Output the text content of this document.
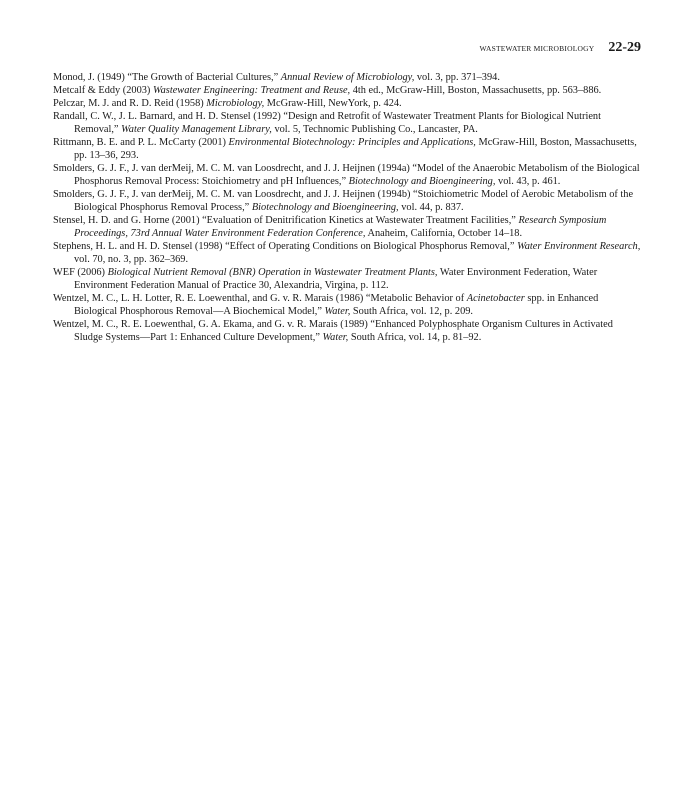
WASTEWATER MICROBIOLOGY 22-29

Monod, J. (1949) “The Growth of Bacterial Cultures,” Annual Review of Microbiology, vol. 3, pp. 371–394.

Metcalf & Eddy (2003) Wastewater Engineering: Treatment and Reuse, 4th ed., McGraw-Hill, Boston, Massachusetts, pp. 563–886.

Pelczar, M. J. and R. D. Reid (1958) Microbiology, McGraw-Hill, NewYork, p. 424.

Randall, C. W., J. L. Barnard, and H. D. Stensel (1992) “Design and Retrofit of Wastewater Treatment Plants for Biological Nutrient Removal,” Water Quality Management Library, vol. 5, Technomic Publishing Co., Lancaster, PA.

Rittmann, B. E. and P. L. McCarty (2001) Environmental Biotechnology: Principles and Applications, McGraw-Hill, Boston, Massachusetts, pp. 13–36, 293.

Smolders, G. J. F., J. van derMeij, M. C. M. van Loosdrecht, and J. J. Heijnen (1994a) “Model of the Anaerobic Metabolism of the Biological Phosphorus Removal Process: Stoichiometry and pH Influences,” Biotechnology and Bioengineering, vol. 43, p. 461.

Smolders, G. J. F., J. van derMeij, M. C. M. van Loosdrecht, and J. J. Heijnen (1994b) “Stoichiometric Model of Aerobic Metabolism of the Biological Phosphorus Removal Process,” Biotechnology and Bioengineering, vol. 44, p. 837.

Stensel, H. D. and G. Horne (2001) “Evaluation of Denitrification Kinetics at Wastewater Treatment Facilities,” Research Symposium Proceedings, 73rd Annual Water Environment Federation Conference, Anaheim, California, October 14–18.

Stephens, H. L. and H. D. Stensel (1998) “Effect of Operating Conditions on Biological Phosphorus Removal,” Water Environment Research, vol. 70, no. 3, pp. 362–369.

WEF (2006) Biological Nutrient Removal (BNR) Operation in Wastewater Treatment Plants, Water Environment Federation, Water Environment Federation Manual of Practice 30, Alexandria, Virgina, p. 112.

Wentzel, M. C., L. H. Lotter, R. E. Loewenthal, and G. v. R. Marais (1986) “Metabolic Behavior of Acinetobacter spp. in Enhanced Biological Phosphorous Removal—A Biochemical Model,” Water, South Africa, vol. 12, p. 209.

Wentzel, M. C., R. E. Loewenthal, G. A. Ekama, and G. v. R. Marais (1989) “Enhanced Polyphosphate Organism Cultures in Activated Sludge Systems—Part 1: Enhanced Culture Development,” Water, South Africa, vol. 14, p. 81–92.
